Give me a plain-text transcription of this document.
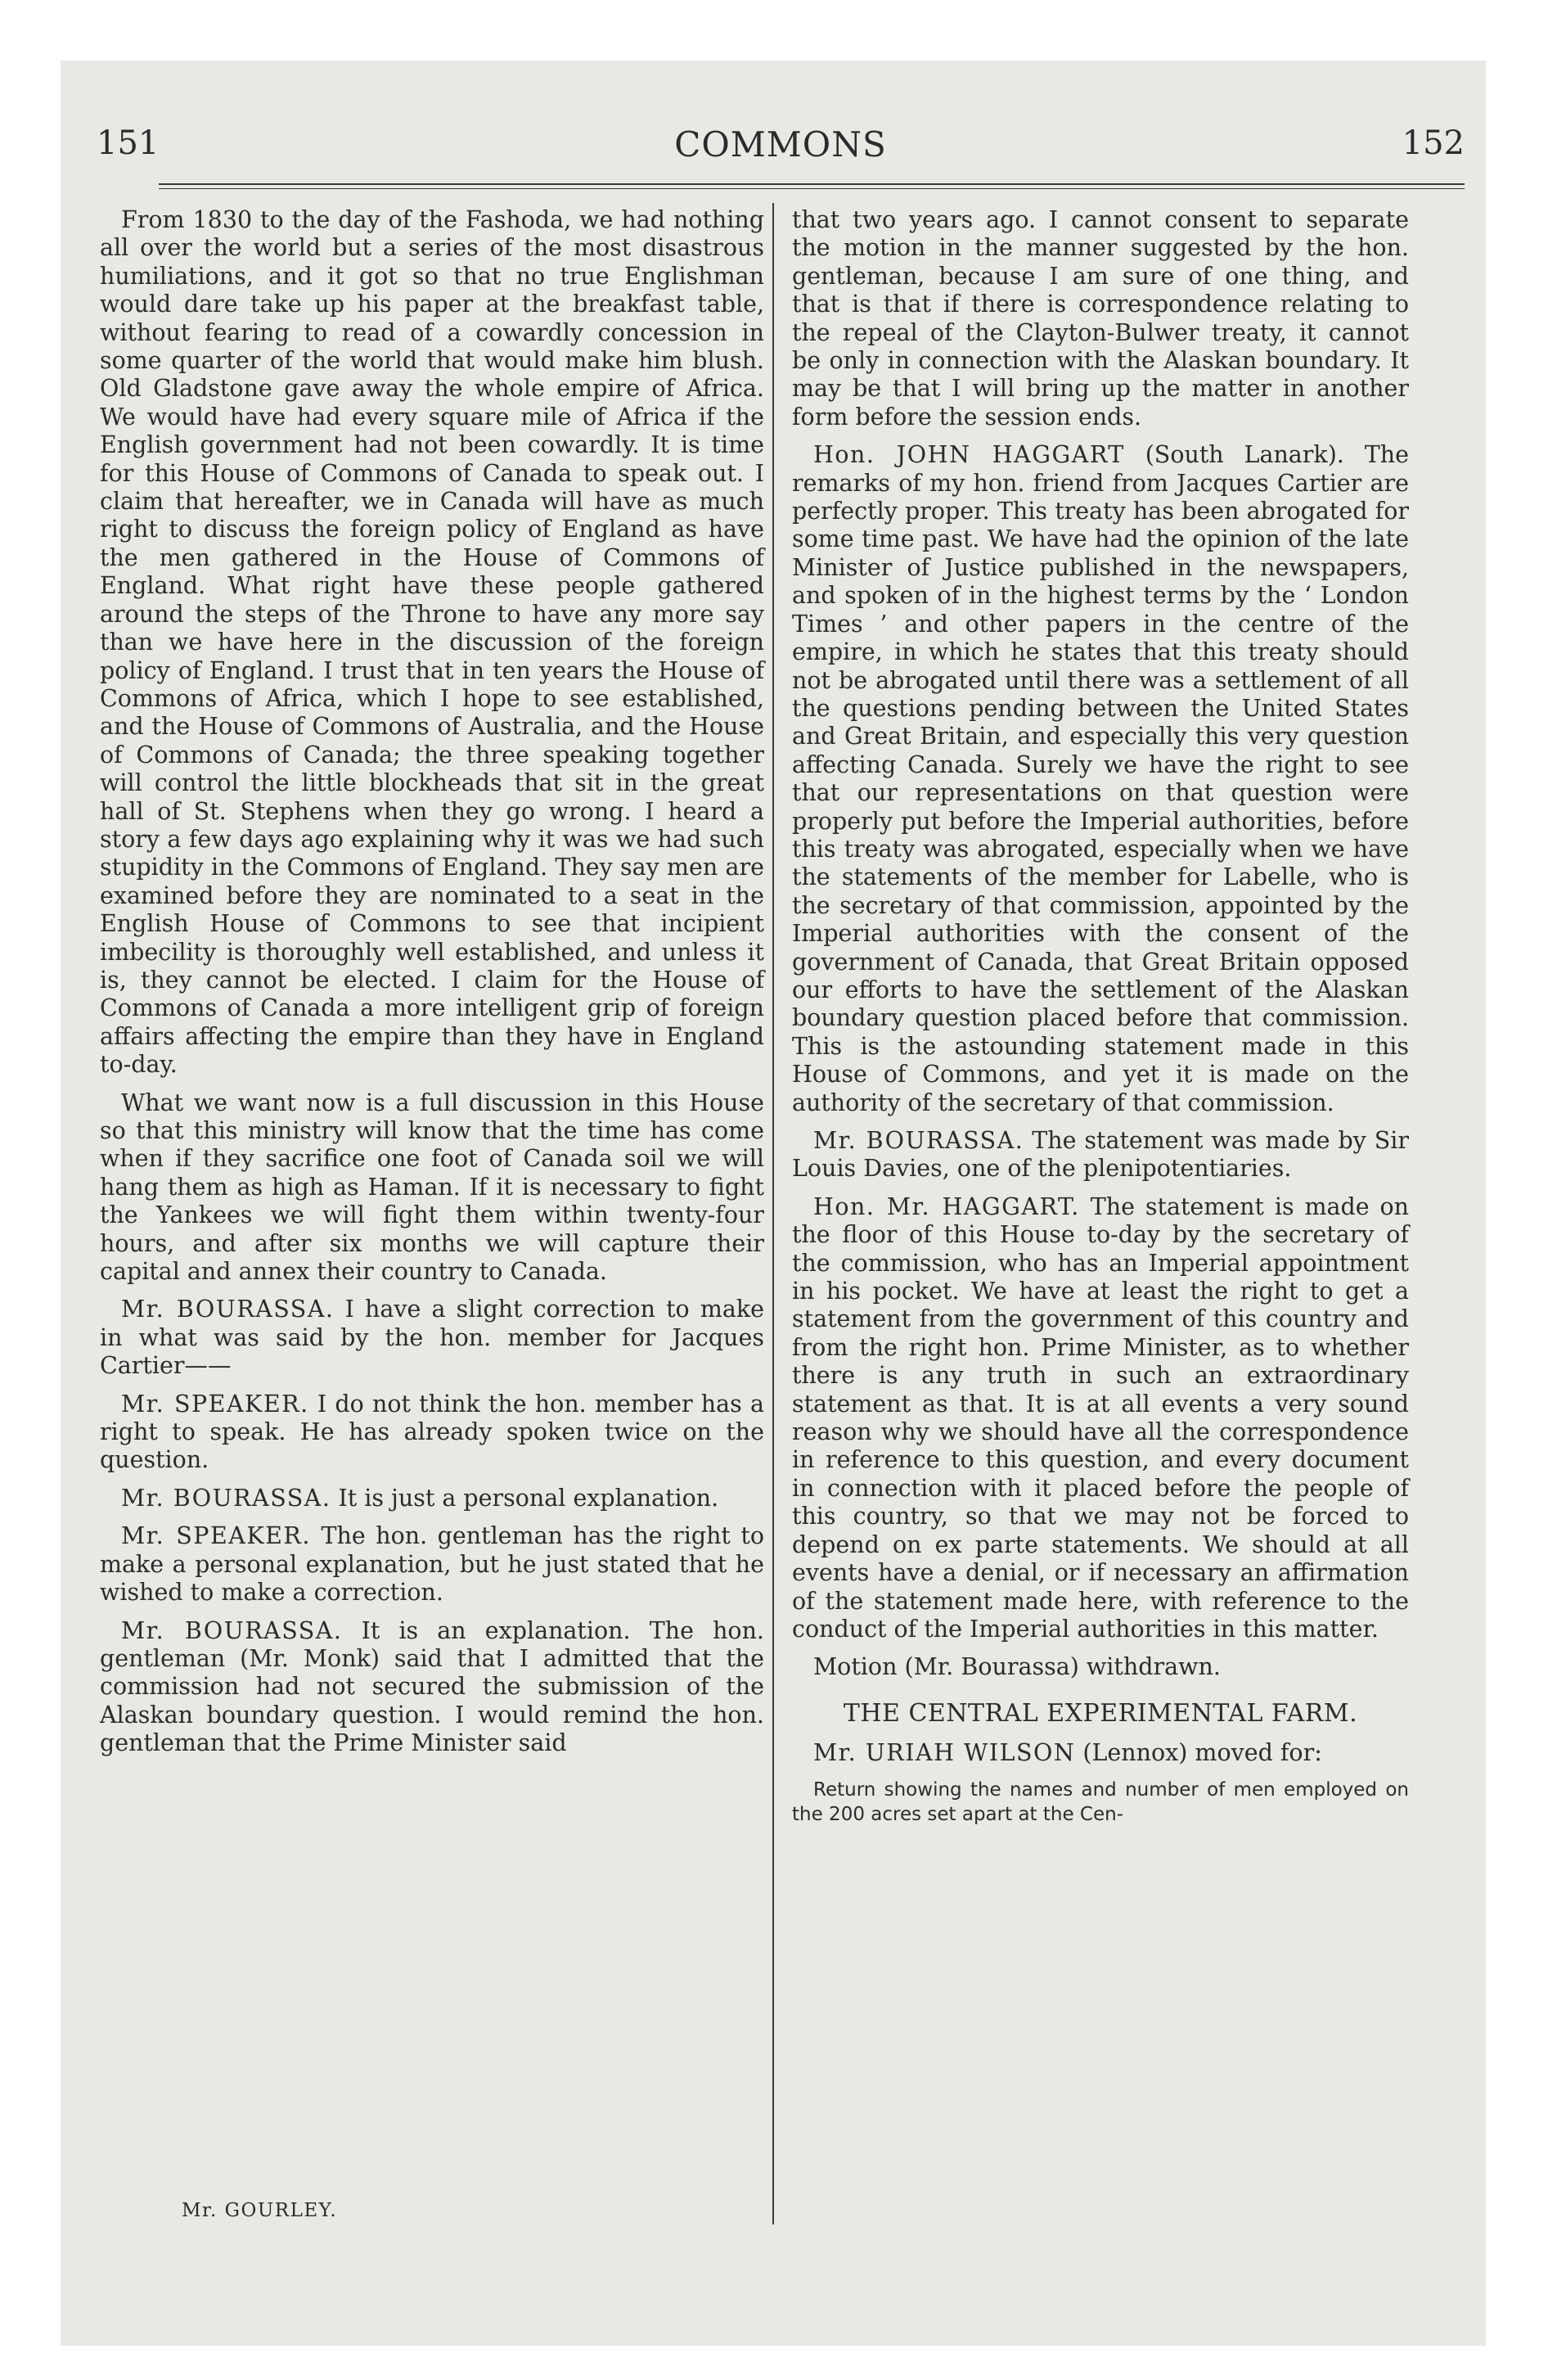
151	COMMONS	152

From 1830 to the day of the Fashoda, we had nothing all over the world but a series of the most disastrous humiliations, and it got so that no true Englishman would dare take up his paper at the breakfast table, without fearing to read of a cowardly concession in some quarter of the world that would make him blush. Old Gladstone gave away the whole empire of Africa. We would have had every square mile of Africa if the English government had not been cowardly. It is time for this House of Commons of Canada to speak out. I claim that hereafter, we in Canada will have as much right to discuss the foreign policy of England as have the men gathered in the House of Commons of England. What right have these people gathered around the steps of the Throne to have any more say than we have here in the discussion of the foreign policy of England. I trust that in ten years the House of Commons of Africa, which I hope to see established, and the House of Commons of Australia, and the House of Commons of Canada; the three speaking together will control the little blockheads that sit in the great hall of St. Stephens when they go wrong. I heard a story a few days ago explaining why it was we had such stupidity in the Commons of England. They say men are examined before they are nominated to a seat in the English House of Commons to see that incipient imbecility is thoroughly well established, and unless it is, they cannot be elected. I claim for the House of Commons of Canada a more intelligent grip of foreign affairs affecting the empire than they have in England to-day.

What we want now is a full discussion in this House so that this ministry will know that the time has come when if they sacrifice one foot of Canada soil we will hang them as high as Haman. If it is necessary to fight the Yankees we will fight them within twenty-four hours, and after six months we will capture their capital and annex their country to Canada.

Mr. BOURASSA. I have a slight correction to make in what was said by the hon. member for Jacques Cartier——

Mr. SPEAKER. I do not think the hon. member has a right to speak. He has already spoken twice on the question.

Mr. BOURASSA. It is just a personal explanation.

Mr. SPEAKER. The hon. gentleman has the right to make a personal explanation, but he just stated that he wished to make a correction.

Mr. BOURASSA. It is an explanation. The hon. gentleman (Mr. Monk) said that I admitted that the commission had not secured the submission of the Alaskan boundary question. I would remind the hon. gentleman that the Prime Minister said

that two years ago. I cannot consent to separate the motion in the manner suggested by the hon. gentleman, because I am sure of one thing, and that is that if there is correspondence relating to the repeal of the Clayton-Bulwer treaty, it cannot be only in connection with the Alaskan boundary. It may be that I will bring up the matter in another form before the session ends.

Hon. JOHN HAGGART (South Lanark). The remarks of my hon. friend from Jacques Cartier are perfectly proper. This treaty has been abrogated for some time past. We have had the opinion of the late Minister of Justice published in the newspapers, and spoken of in the highest terms by the ‘ London Times ’ and other papers in the centre of the empire, in which he states that this treaty should not be abrogated until there was a settlement of all the questions pending between the United States and Great Britain, and especially this very question affecting Canada. Surely we have the right to see that our representations on that question were properly put before the Imperial authorities, before this treaty was abrogated, especially when we have the statements of the member for Labelle, who is the secretary of that commission, appointed by the Imperial authorities with the consent of the government of Canada, that Great Britain opposed our efforts to have the settlement of the Alaskan boundary question placed before that commission. This is the astounding statement made in this House of Commons, and yet it is made on the authority of the secretary of that commission.

Mr. BOURASSA. The statement was made by Sir Louis Davies, one of the plenipotentiaries.

Hon. Mr. HAGGART. The statement is made on the floor of this House to-day by the secretary of the commission, who has an Imperial appointment in his pocket. We have at least the right to get a statement from the government of this country and from the right hon. Prime Minister, as to whether there is any truth in such an extraordinary statement as that. It is at all events a very sound reason why we should have all the correspondence in reference to this question, and every document in connection with it placed before the people of this country, so that we may not be forced to depend on ex parte statements. We should at all events have a denial, or if necessary an affirmation of the statement made here, with reference to the conduct of the Imperial authorities in this matter.

Motion (Mr. Bourassa) withdrawn.

THE CENTRAL EXPERIMENTAL FARM.

Mr. URIAH WILSON (Lennox) moved for:

Return showing the names and number of men employed on the 200 acres set apart at the Cen-

Mr. GOURLEY.
